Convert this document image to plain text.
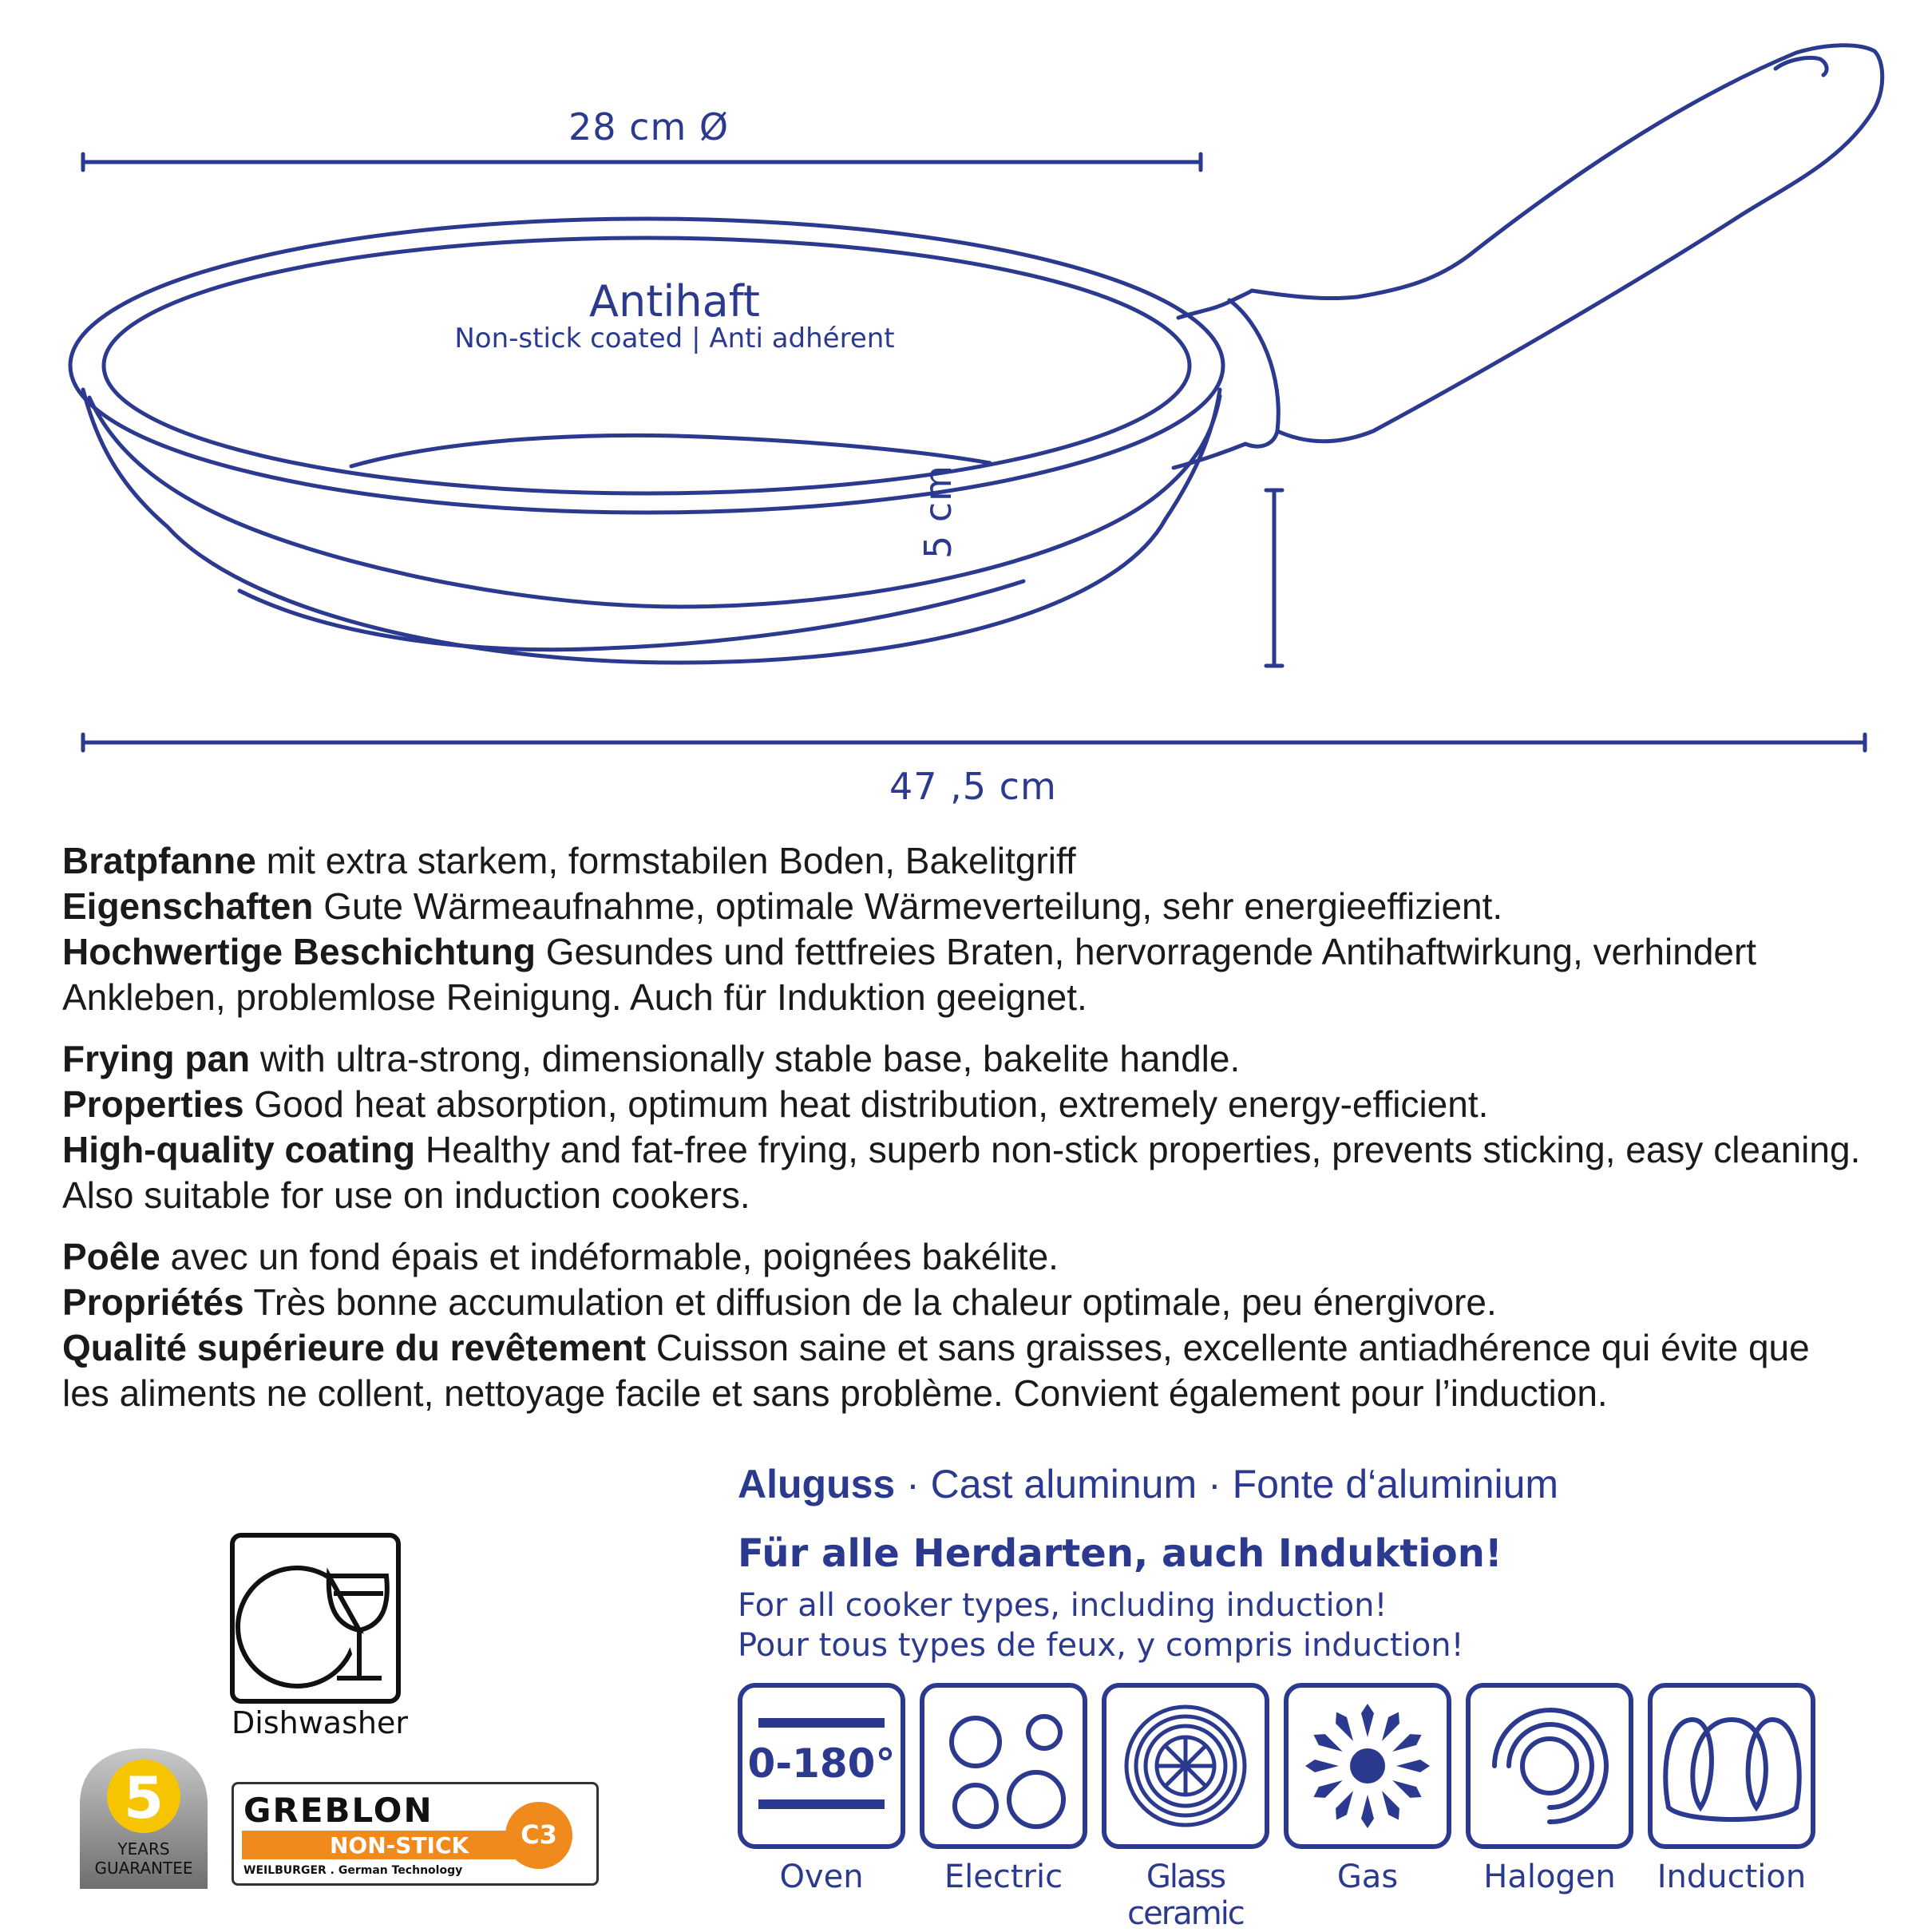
28 cm Ø
5 cm
47 ,5 cm
Antihaft
Non-stick coated | Anti adhérent

Bratpfanne mit extra starkem, formstabilen Boden, Bakelitgriff

Eigenschaften Gute Wärmeaufnahme, optimale Wärmeverteilung, sehr energieeffizient.

Hochwertige Beschichtung Gesundes und fettfreies Braten, hervorragende Antihaftwirkung, verhindert Ankleben, problemlose Reinigung. Auch für Induktion geeignet.

Frying pan with ultra-strong, dimensionally stable base, bakelite handle.

Properties Good heat absorption, optimum heat distribution, extremely energy-efficient.

High-quality coating Healthy and fat-free frying, superb non-stick properties, prevents sticking, easy cleaning. Also suitable for use on induction cookers.

Poêle avec un fond épais et indéformable, poignées bakélite.

Propriétés Très bonne accumulation et diffusion de la chaleur optimale, peu énergivore.

Qualité supérieure du revêtement Cuisson saine et sans graisses, excellente antiadhérence qui évite que les aliments ne collent, nettoyage facile et sans problème. Convient également pour l’induction.

Aluguss · Cast aluminum · Fonte d‘aluminium
Für alle Herdarten, auch Induktion!
For all cooker types, including induction!
Pour tous types de feux, y compris induction!
0-180°
Oven	Electric	Glass ceramic
Gas	Halogen	Induction
Dishwasher
5
YEARS
GUARANTEE
GREBLON
NON-STICK	C3
WEILBURGER . German Technology
